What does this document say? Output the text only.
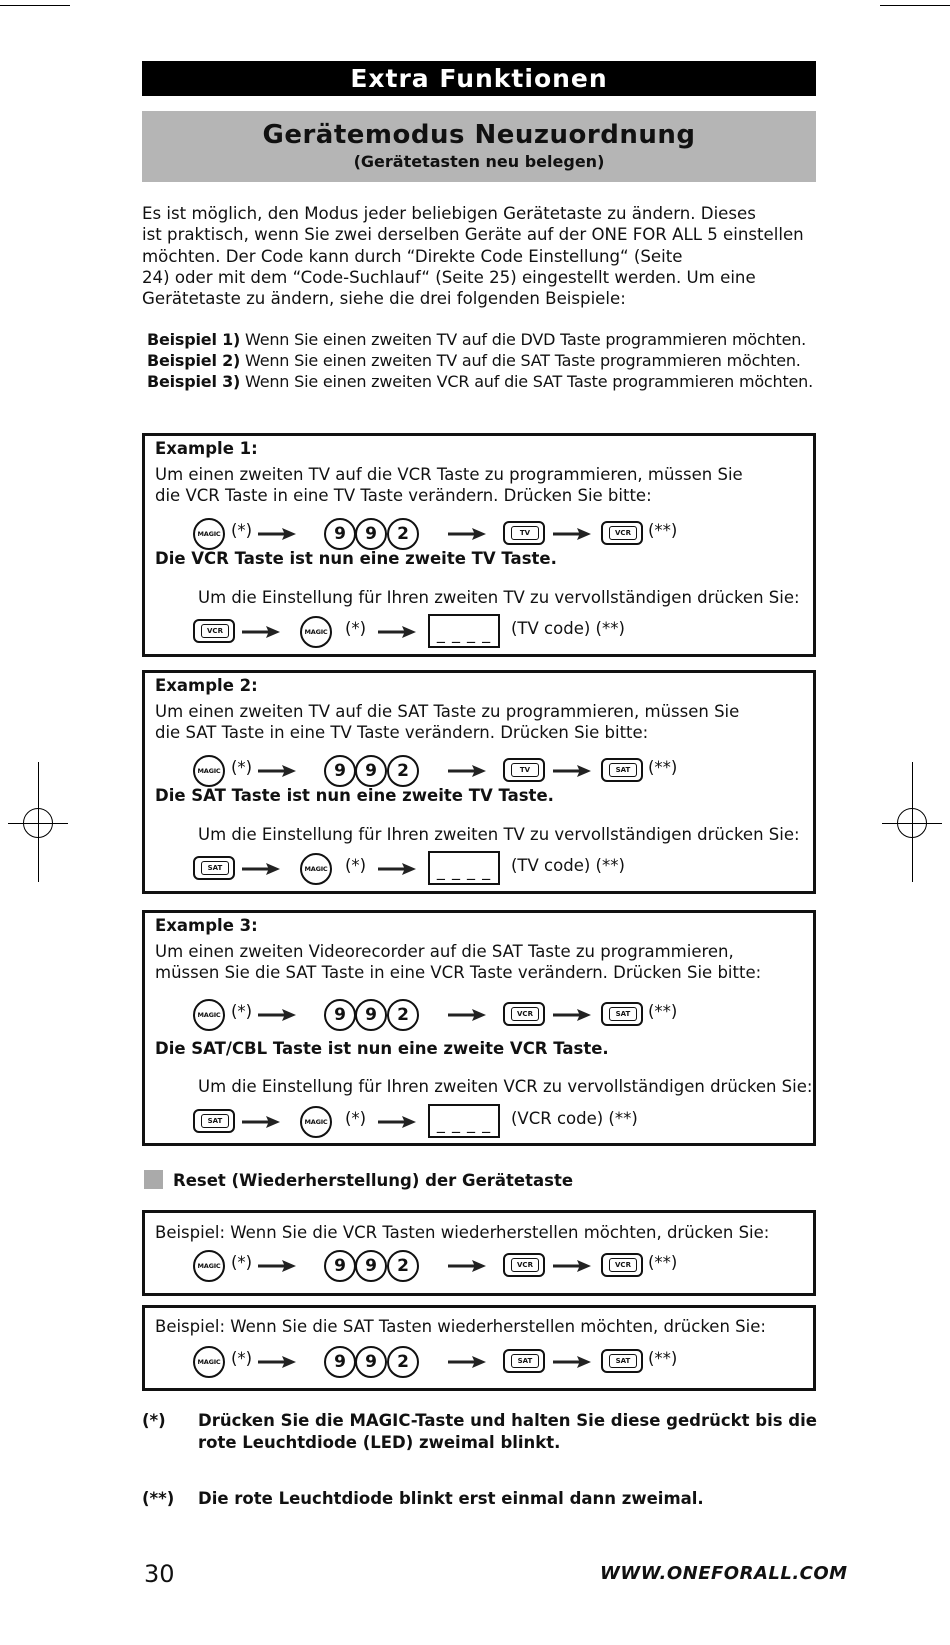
Extra Funktionen
Gerätemodus Neuzuordnung
(Gerätetasten neu belegen)
Es ist möglich, den Modus jeder beliebigen Gerätetaste zu ändern. Dieses
ist praktisch, wenn Sie zwei derselben Geräte auf der ONE FOR ALL 5 einstellen
möchten. Der Code kann durch “Direkte Code Einstellung“ (Seite
24) oder mit dem “Code-Suchlauf“ (Seite 25) eingestellt werden. Um eine
Gerätetaste zu ändern, siehe die drei folgenden Beispiele:
Beispiel 1) Wenn Sie einen zweiten TV auf die DVD Taste programmieren möchten.
Beispiel 2) Wenn Sie einen zweiten TV auf die SAT Taste programmieren möchten.
Beispiel 3) Wenn Sie einen zweiten VCR auf die SAT Taste programmieren möchten.
Example 1:
Um einen zweiten TV auf die VCR Taste zu programmieren, müssen Sie
die VCR Taste in eine TV Taste verändern. Drücken Sie bitte:
MAGIC (*)	9	9	2	TV	VCR	(**)
Die VCR Taste ist nun eine zweite TV Taste.
Um die Einstellung für Ihren zweiten TV zu vervollständigen drücken Sie:
VCR	MAGIC (*)	_ _ _ _	(TV code) (**)
Example 2:
Um einen zweiten TV auf die SAT Taste zu programmieren, müssen Sie
die SAT Taste in eine TV Taste verändern. Drücken Sie bitte:
MAGIC (*)	9	9	2	TV	SAT	(**)
Die SAT Taste ist nun eine zweite TV Taste.
Um die Einstellung für Ihren zweiten TV zu vervollständigen drücken Sie:
SAT	MAGIC (*)	_ _ _ _	(TV code) (**)
Example 3:
Um einen zweiten Videorecorder auf die SAT Taste zu programmieren,
müssen Sie die SAT Taste in eine VCR Taste verändern. Drücken Sie bitte:
MAGIC (*)	9	9	2	VCR	SAT	(**)
Die SAT/CBL Taste ist nun eine zweite VCR Taste.
Um die Einstellung für Ihren zweiten VCR zu vervollständigen drücken Sie:
SAT	MAGIC (*)	_ _ _ _	(VCR code) (**)
Reset (Wiederherstellung) der Gerätetaste
Beispiel: Wenn Sie die VCR Tasten wiederherstellen möchten, drücken Sie:
Beispiel: Wenn Sie die SAT Tasten wiederherstellen möchten, drücken Sie:
MAGIC (*)	9	9	2	VCR	VCR	(**)
MAGIC (*)	9	9	2	SAT	SAT	(**)
(*) Drücken Sie die MAGIC-Taste und halten Sie diese gedrückt bis die
rote Leuchtdiode (LED) zweimal blinkt.
(**) Die rote Leuchtdiode blinkt erst einmal dann zweimal.
30	WWW.ONEFORALL.COM
